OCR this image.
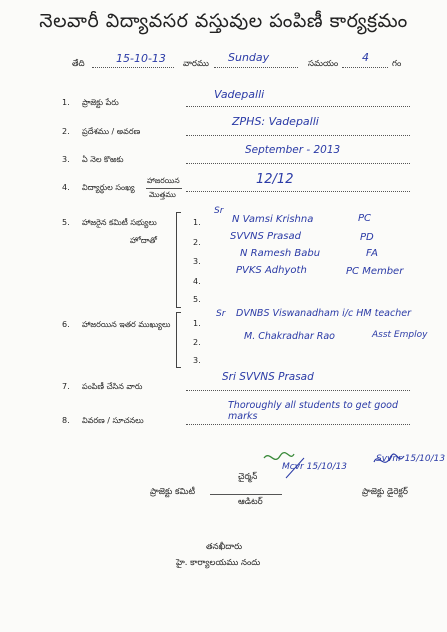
నెలవారీ విద్యావసర వస్తువుల పంపిణీ కార్యక్రమం
తేది	15-10-13 వారము Sunday	సమయం 4	గం
1. ప్రాజెక్టు పేరు
Vadepalli
2. ప్రదేశము / అవరణ
ZPHS: Vadepalli
3. ఏ నెల కొఱకు
September - 2013
4. విద్యార్థుల సంఖ్య
హాజరయిన
మొత్తము
12/12
5. హాజరైన కమిటీ సభ్యులు
హోదాతో
1.
Sr
N Vamsi Krishna	PC
2.
SVVNS Prasad	PD
3.
N Ramesh Babu	FA
4.
PVKS Adhyoth	PC Member
5.
6. హాజరయిన ఇతర ముఖ్యులు	1.
Sr DVNBS Viswanadham i/c HM teacher
2.
M. Chakradhar Rao	Asst Employ
3.
7. పంపిణీ చేసిన వారు
Sri SVVNS Prasad
8. వివరణ / సూచనలు
Thoroughly all students to get good marks
Mcvr 15/10/13
చైర్మన్
ప్రాజెక్టు కమిటీ
ఆడిటర్
Svvnr 15/10/13
ప్రాజెక్టు డైరెక్టర్
తనఖీదారు
హై. కార్యాలయము నందు
